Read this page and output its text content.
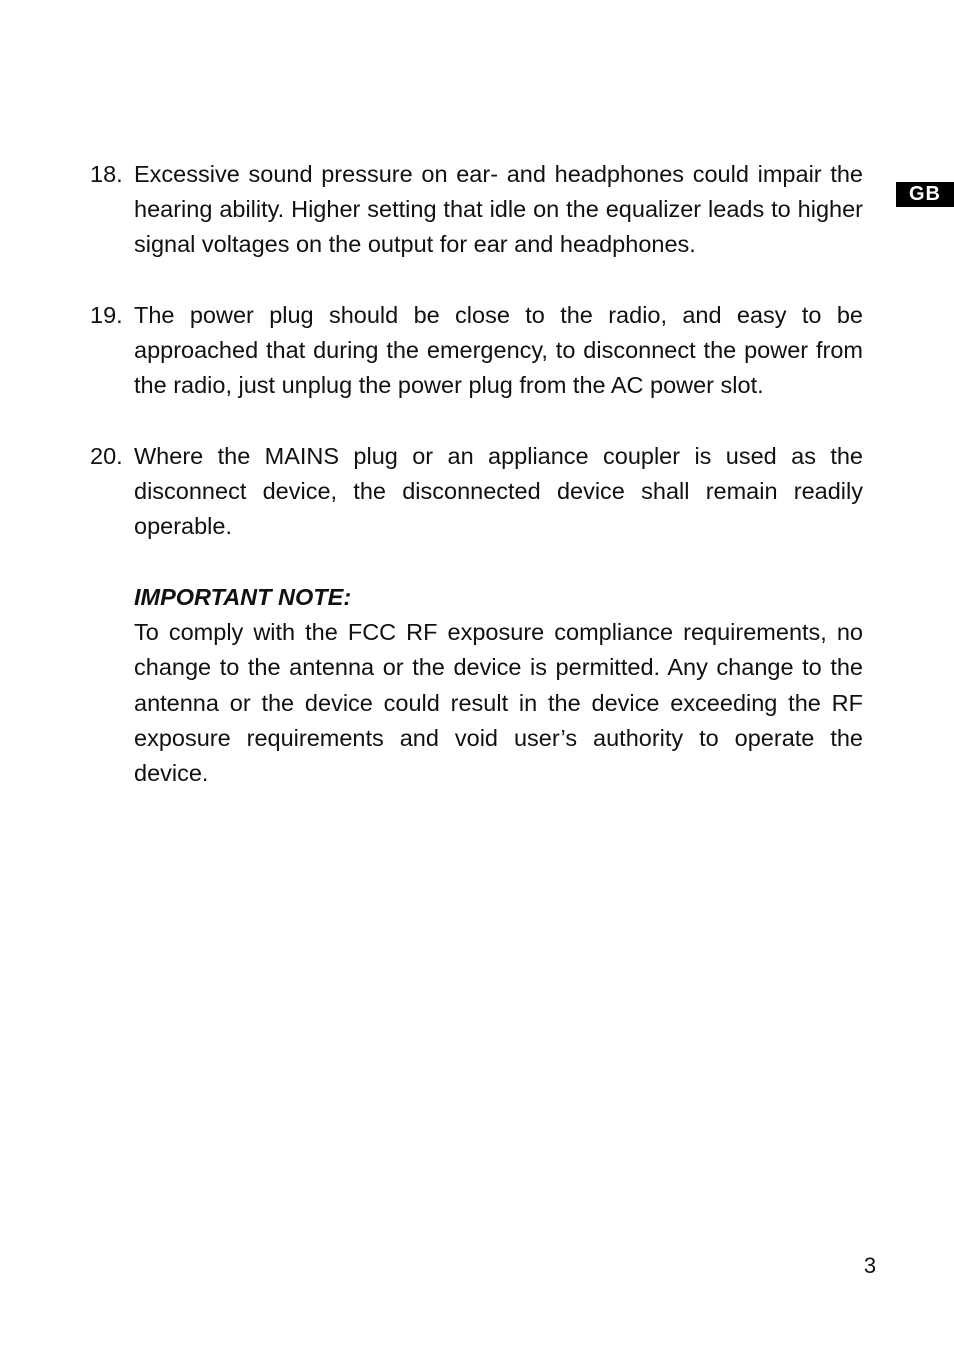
GB
18. Excessive sound pressure on ear- and headphones could impair the hearing ability. Higher setting that idle on the equalizer leads to higher signal voltages on the output for ear and headphones.
19. The power plug should be close to the radio, and easy to be approached that during the emergency, to disconnect the power from the radio, just unplug the power plug from the AC power slot.
20. Where the MAINS plug or an appliance coupler is used as the disconnect device, the disconnected device shall remain readily operable.
IMPORTANT NOTE:
To comply with the FCC RF exposure compliance requirements, no change to the antenna or the device is permitted. Any change to the antenna or the device could result in the device exceeding the RF exposure requirements and void user’s authority to operate the device.
3
